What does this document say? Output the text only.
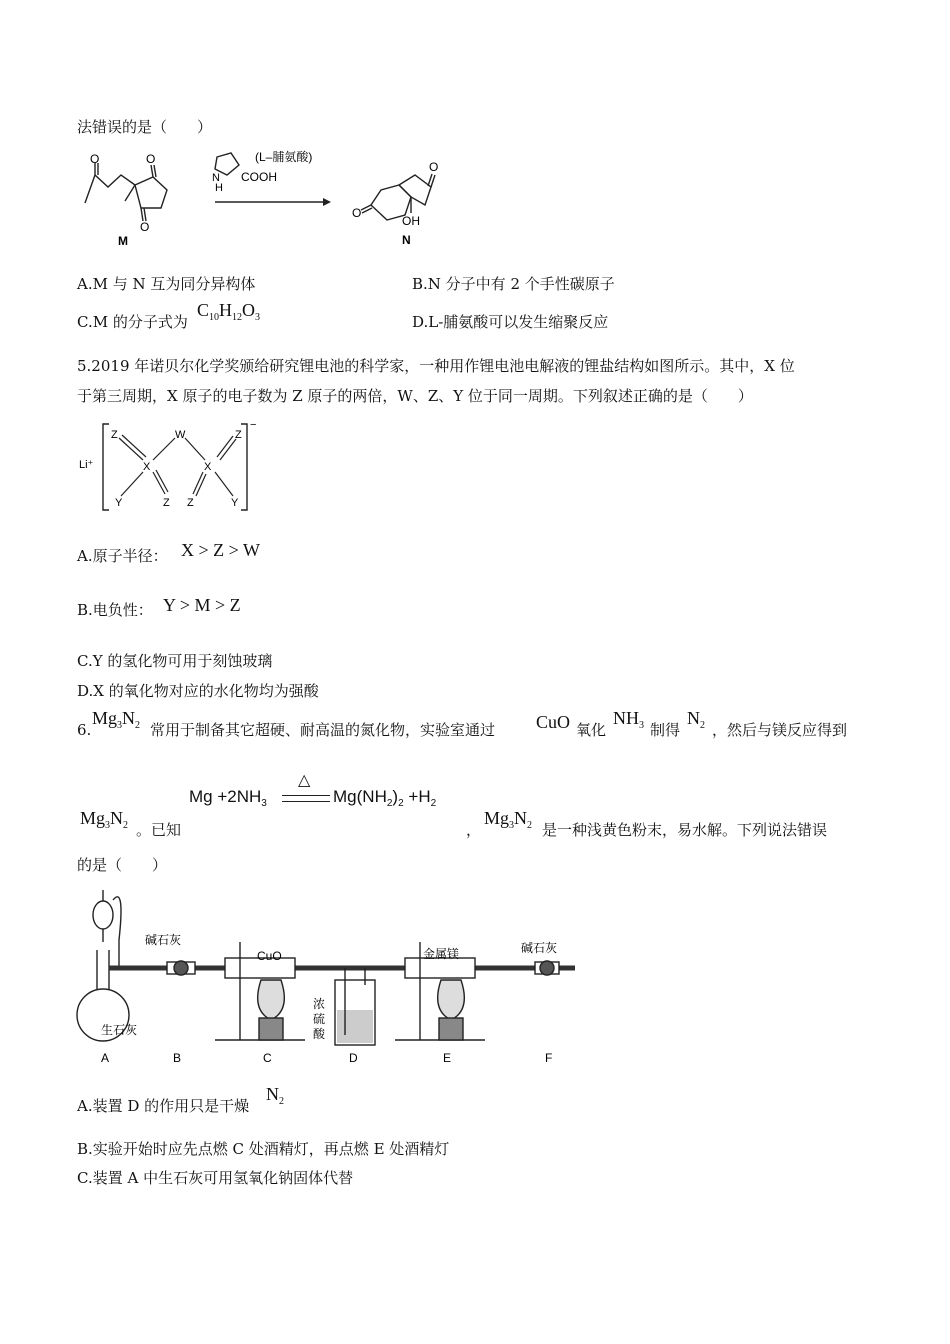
法错误的是（　　）
O	O
O
M
N
H
COOH
(L–脯氨酸)
O
O
OH
N
A.M 与 N 互为同分异构体	B.N 分子中有 2 个手性碳原子
C.M 的分子式为
$C_{10}H_{12}O_3$	D.L-脯氨酸可以发生缩聚反应
5.2019 年诺贝尔化学奖颁给研究锂电池的科学家，一种用作锂电池电解液的锂盐结构如图所示。其中，X 位
于第三周期，X 原子的电子数为 Z 原子的两倍，W、Z、Y 位于同一周期。下列叙述正确的是（　　）
Li⁺
−
Z	W	Z
X	X
Y	Z Z	Y
A.原子半径： X > Z > W
B.电负性： Y > M > Z
C.Y 的氢化物可用于刻蚀玻璃
D.X 的氧化物对应的水化物均为强酸
6.
$Mg_3N_2$ 常用于制备其它超硬、耐高温的氮化物，实验室通过 CuO 氧化
$NH_3$ 制得
$N_2$ ，然后与镁反应得到
$Mg_3N_2$ 。已知
△
$Mg +2NH_3$	$Mg(NH_2)_2 +H_2$
，
$Mg_3N_2$ 是一种浅黄色粉末，易水解。下列说法错误
的是（　　）
碱石灰
CuO	金属镁	碱石灰
生石灰
浓
硫
酸
A	B	C	D	E	F
A.装置 D 的作用只是干燥
$N_2$
B.实验开始时应先点燃 C 处酒精灯，再点燃 E 处酒精灯
C.装置 A 中生石灰可用氢氧化钠固体代替
